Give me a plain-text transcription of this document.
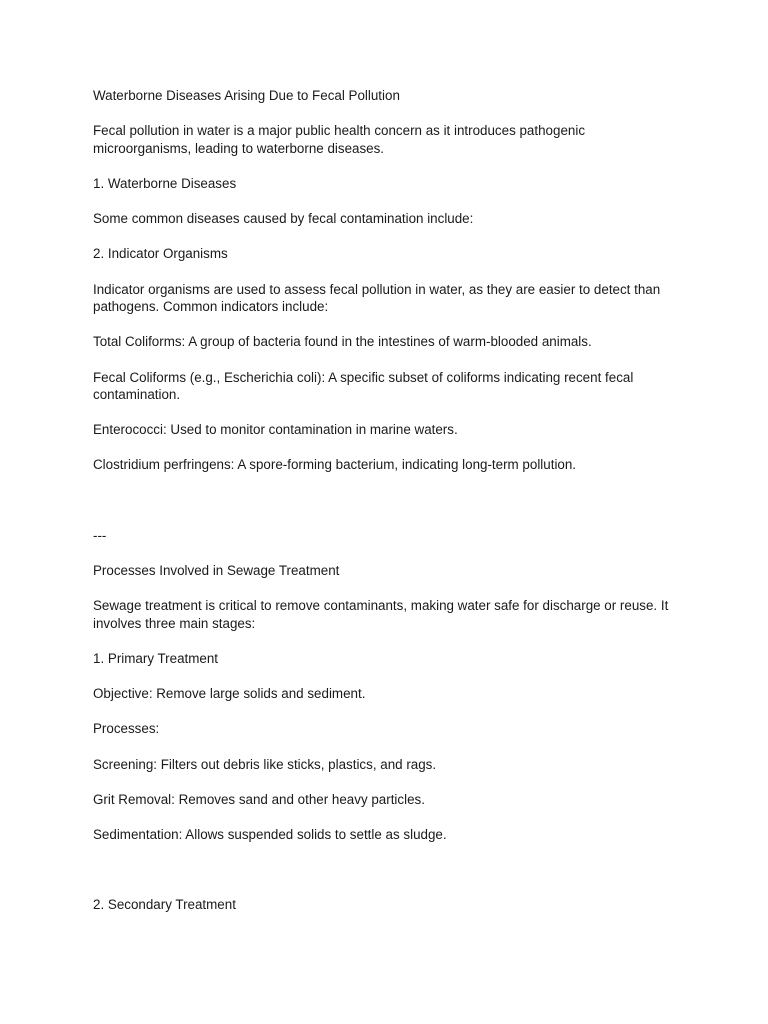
Waterborne Diseases Arising Due to Fecal Pollution

Fecal pollution in water is a major public health concern as it introduces pathogenic microorganisms, leading to waterborne diseases.

1. Waterborne Diseases

Some common diseases caused by fecal contamination include:

2. Indicator Organisms

Indicator organisms are used to assess fecal pollution in water, as they are easier to detect than pathogens. Common indicators include:

Total Coliforms: A group of bacteria found in the intestines of warm-blooded animals.

Fecal Coliforms (e.g., Escherichia coli): A specific subset of coliforms indicating recent fecal contamination.

Enterococci: Used to monitor contamination in marine waters.

Clostridium perfringens: A spore-forming bacterium, indicating long-term pollution.

---

Processes Involved in Sewage Treatment

Sewage treatment is critical to remove contaminants, making water safe for discharge or reuse. It involves three main stages:

1. Primary Treatment

Objective: Remove large solids and sediment.

Processes:

Screening: Filters out debris like sticks, plastics, and rags.

Grit Removal: Removes sand and other heavy particles.

Sedimentation: Allows suspended solids to settle as sludge.

2. Secondary Treatment
